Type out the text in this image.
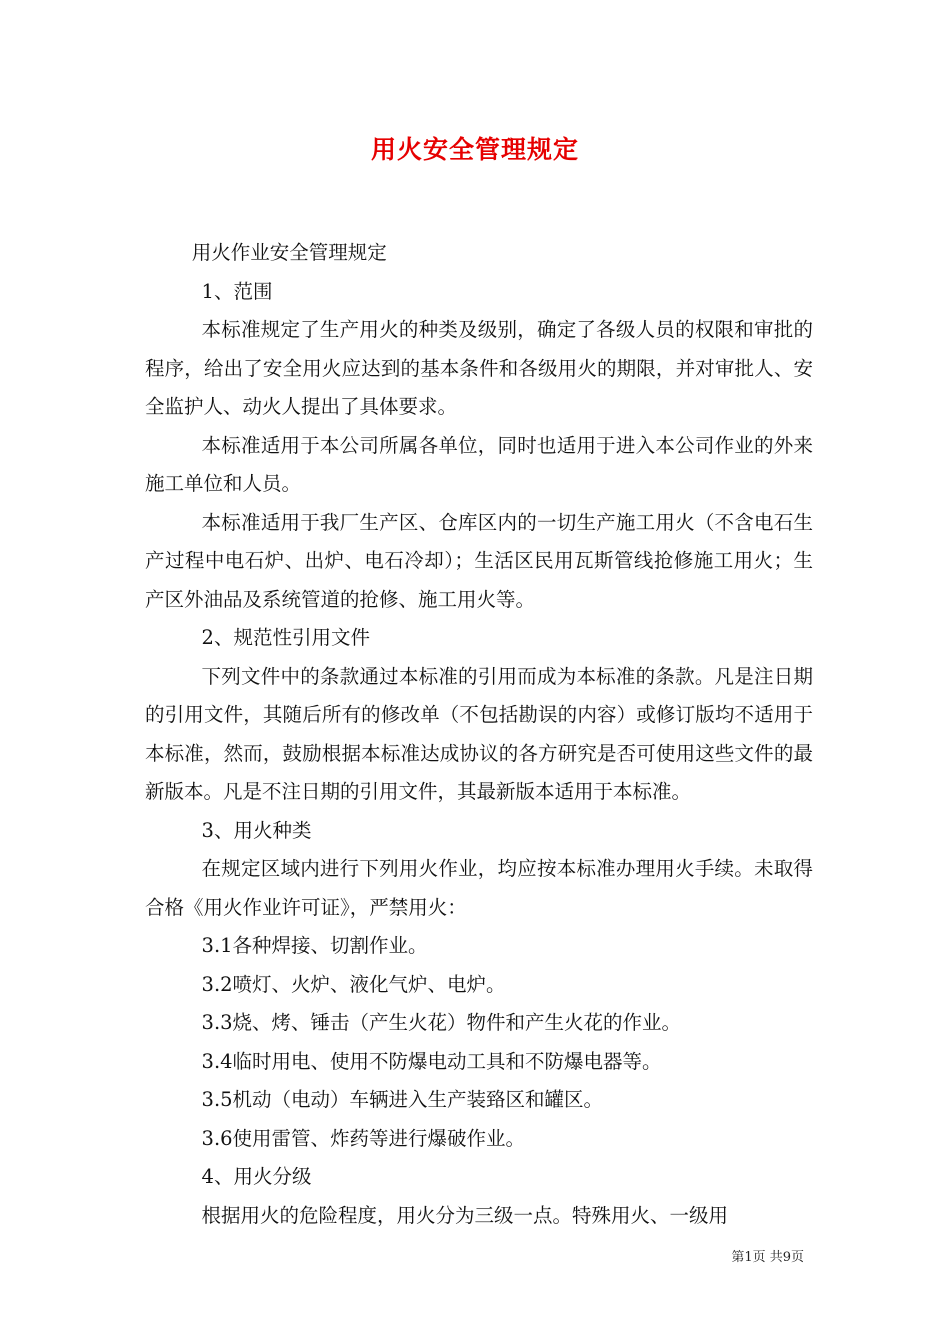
用火安全管理规定

用火作业安全管理规定

1、范围

本标准规定了生产用火的种类及级别，确定了各级人员的权限和审批的程序，给出了安全用火应达到的基本条件和各级用火的期限，并对审批人、安全监护人、动火人提出了具体要求。

本标准适用于本公司所属各单位，同时也适用于进入本公司作业的外来施工单位和人员。

本标准适用于我厂生产区、仓库区内的一切生产施工用火（不含电石生产过程中电石炉、出炉、电石冷却）；生活区民用瓦斯管线抢修施工用火；生产区外油品及系统管道的抢修、施工用火等。

2、规范性引用文件

下列文件中的条款通过本标准的引用而成为本标准的条款。凡是注日期的引用文件，其随后所有的修改单（不包括勘误的内容）或修订版均不适用于本标准，然而，鼓励根据本标准达成协议的各方研究是否可使用这些文件的最新版本。凡是不注日期的引用文件，其最新版本适用于本标准。

3、用火种类

在规定区域内进行下列用火作业，均应按本标准办理用火手续。未取得合格《用火作业许可证》，严禁用火：

3.1各种焊接、切割作业。

3.2喷灯、火炉、液化气炉、电炉。

3.3烧、烤、锤击（产生火花）物件和产生火花的作业。

3.4临时用电、使用不防爆电动工具和不防爆电器等。

3.5机动（电动）车辆进入生产装臵区和罐区。

3.6使用雷管、炸药等进行爆破作业。

4、用火分级

根据用火的危险程度，用火分为三级一点。特殊用火、一级用

第1页 共9页
